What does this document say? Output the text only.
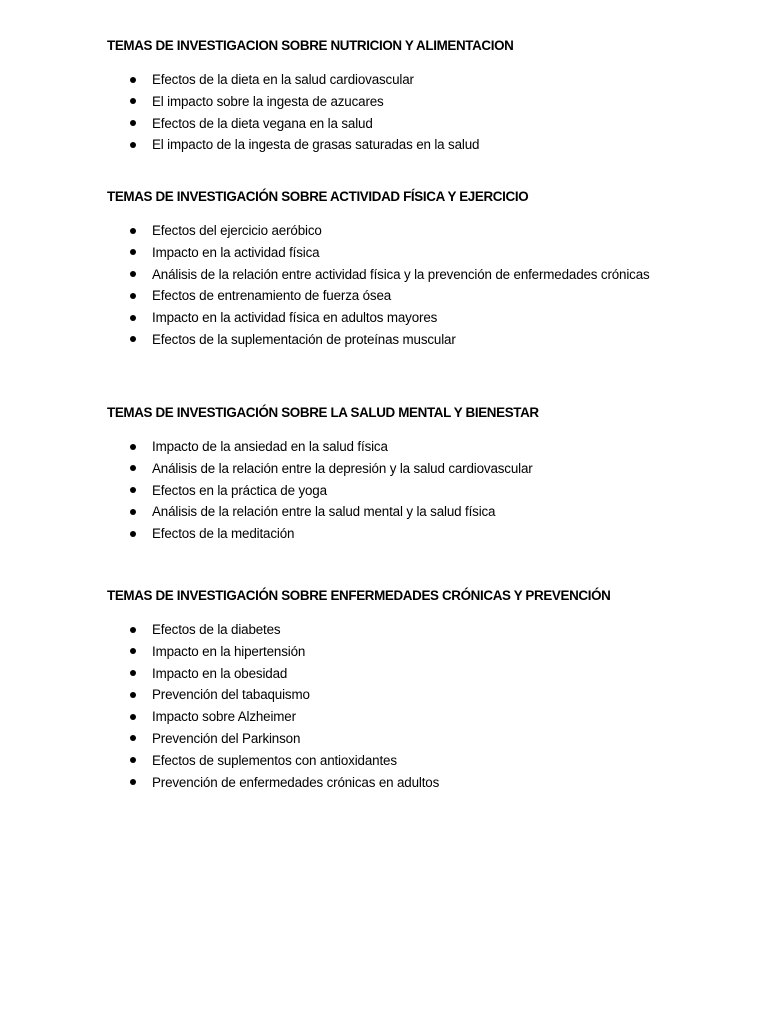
TEMAS DE INVESTIGACION SOBRE NUTRICION Y ALIMENTACION
Efectos de la dieta en la salud cardiovascular
El impacto sobre la ingesta de azucares
Efectos de la dieta vegana en la salud
El impacto de la ingesta de grasas saturadas en la salud
TEMAS DE INVESTIGACIÓN SOBRE ACTIVIDAD FÍSICA Y EJERCICIO
Efectos del ejercicio aeróbico
Impacto en la actividad física
Análisis de la relación entre actividad física y la prevención de enfermedades crónicas
Efectos de entrenamiento de fuerza ósea
Impacto en la actividad física en adultos mayores
Efectos de la suplementación de proteínas muscular
TEMAS DE INVESTIGACIÓN SOBRE LA SALUD MENTAL Y BIENESTAR
Impacto de la ansiedad en la salud física
Análisis de la relación entre la depresión y la salud cardiovascular
Efectos en la práctica de yoga
Análisis de la relación entre la salud mental y la salud física
Efectos de la meditación
TEMAS DE INVESTIGACIÓN SOBRE ENFERMEDADES CRÓNICAS Y PREVENCIÓN
Efectos de la diabetes
Impacto en la hipertensión
Impacto en la obesidad
Prevención del tabaquismo
Impacto sobre Alzheimer
Prevención del Parkinson
Efectos de suplementos con antioxidantes
Prevención de enfermedades crónicas en adultos
